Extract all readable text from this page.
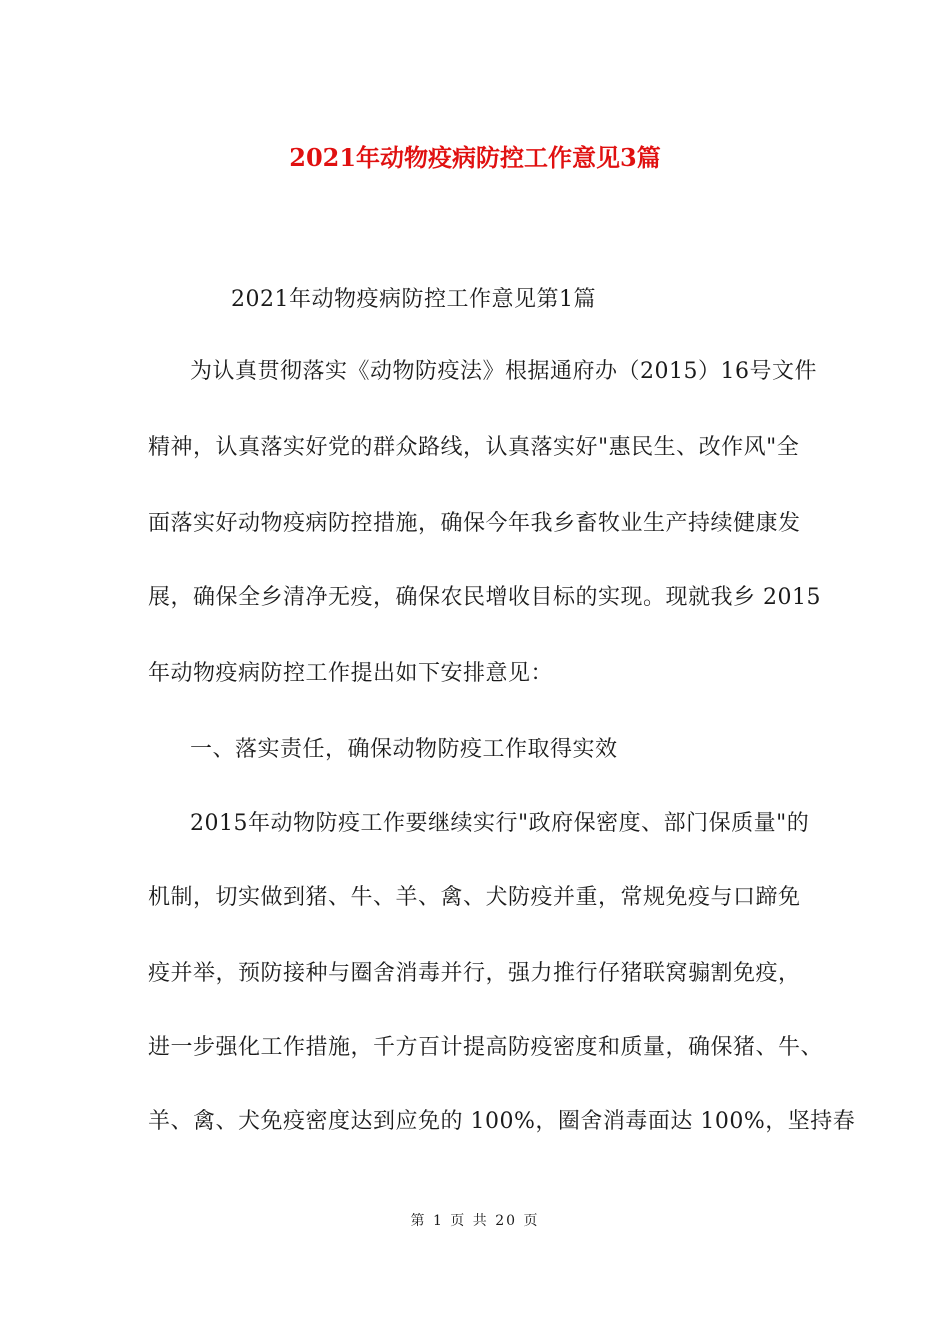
2021年动物疫病防控工作意见3篇
2021年动物疫病防控工作意见第1篇
为认真贯彻落实《动物防疫法》根据通府办（2015）16号文件
精神，认真落实好党的群众路线，认真落实好"惠民生、改作风"全
面落实好动物疫病防控措施，确保今年我乡畜牧业生产持续健康发
展，确保全乡清净无疫，确保农民增收目标的实现。现就我乡 2015
年动物疫病防控工作提出如下安排意见：
一、落实责任，确保动物防疫工作取得实效
2015年动物防疫工作要继续实行"政府保密度、部门保质量"的
机制，切实做到猪、牛、羊、禽、犬防疫并重，常规免疫与口蹄免
疫并举，预防接种与圈舍消毒并行，强力推行仔猪联窝骟割免疫，
进一步强化工作措施，千方百计提高防疫密度和质量，确保猪、牛、
羊、禽、犬免疫密度达到应免的 100%，圈舍消毒面达 100%，坚持春
第 1 页 共 20 页
